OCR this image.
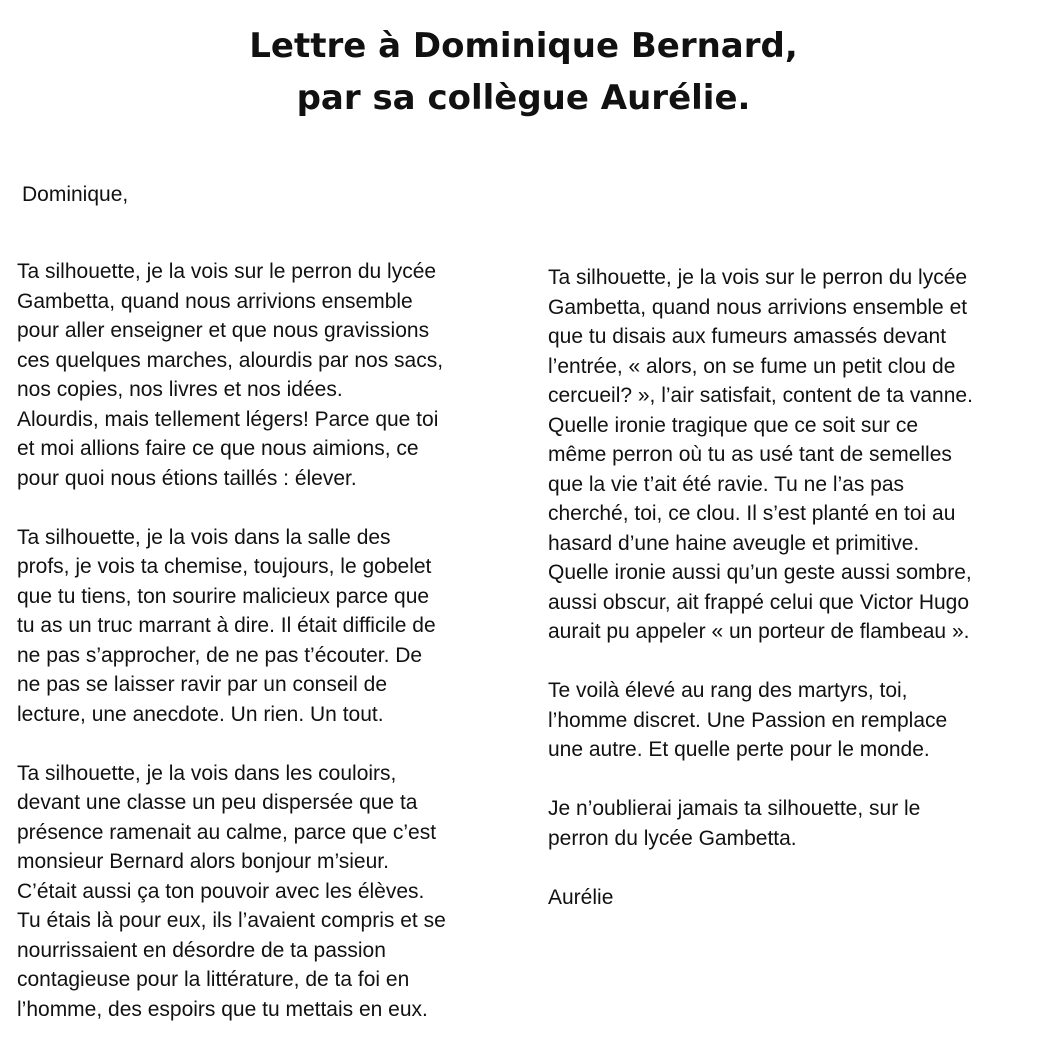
Lettre à Dominique Bernard,
par sa collègue Aurélie.

Dominique,

Ta silhouette, je la vois sur le perron du lycée
Gambetta, quand nous arrivions ensemble
pour aller enseigner et que nous gravissions
ces quelques marches, alourdis par nos sacs,
nos copies, nos livres et nos idées.
Alourdis, mais tellement légers! Parce que toi
et moi allions faire ce que nous aimions, ce
pour quoi nous étions taillés : élever.

Ta silhouette, je la vois dans la salle des
profs, je vois ta chemise, toujours, le gobelet
que tu tiens, ton sourire malicieux parce que
tu as un truc marrant à dire. Il était difficile de
ne pas s’approcher, de ne pas t’écouter. De
ne pas se laisser ravir par un conseil de
lecture, une anecdote. Un rien. Un tout.

Ta silhouette, je la vois dans les couloirs,
devant une classe un peu dispersée que ta
présence ramenait au calme, parce que c’est
monsieur Bernard alors bonjour m’sieur.
C’était aussi ça ton pouvoir avec les élèves.
Tu étais là pour eux, ils l’avaient compris et se
nourrissaient en désordre de ta passion
contagieuse pour la littérature, de ta foi en
l’homme, des espoirs que tu mettais en eux.

Ta silhouette, je la vois sur le perron du lycée
Gambetta, quand nous arrivions ensemble et
que tu disais aux fumeurs amassés devant
l’entrée, « alors, on se fume un petit clou de
cercueil? », l’air satisfait, content de ta vanne.
Quelle ironie tragique que ce soit sur ce
même perron où tu as usé tant de semelles
que la vie t’ait été ravie. Tu ne l’as pas
cherché, toi, ce clou. Il s’est planté en toi au
hasard d’une haine aveugle et primitive.
Quelle ironie aussi qu’un geste aussi sombre,
aussi obscur, ait frappé celui que Victor Hugo
aurait pu appeler « un porteur de flambeau ».

Te voilà élevé au rang des martyrs, toi,
l’homme discret. Une Passion en remplace
une autre. Et quelle perte pour le monde.

Je n’oublierai jamais ta silhouette, sur le
perron du lycée Gambetta.

Aurélie
